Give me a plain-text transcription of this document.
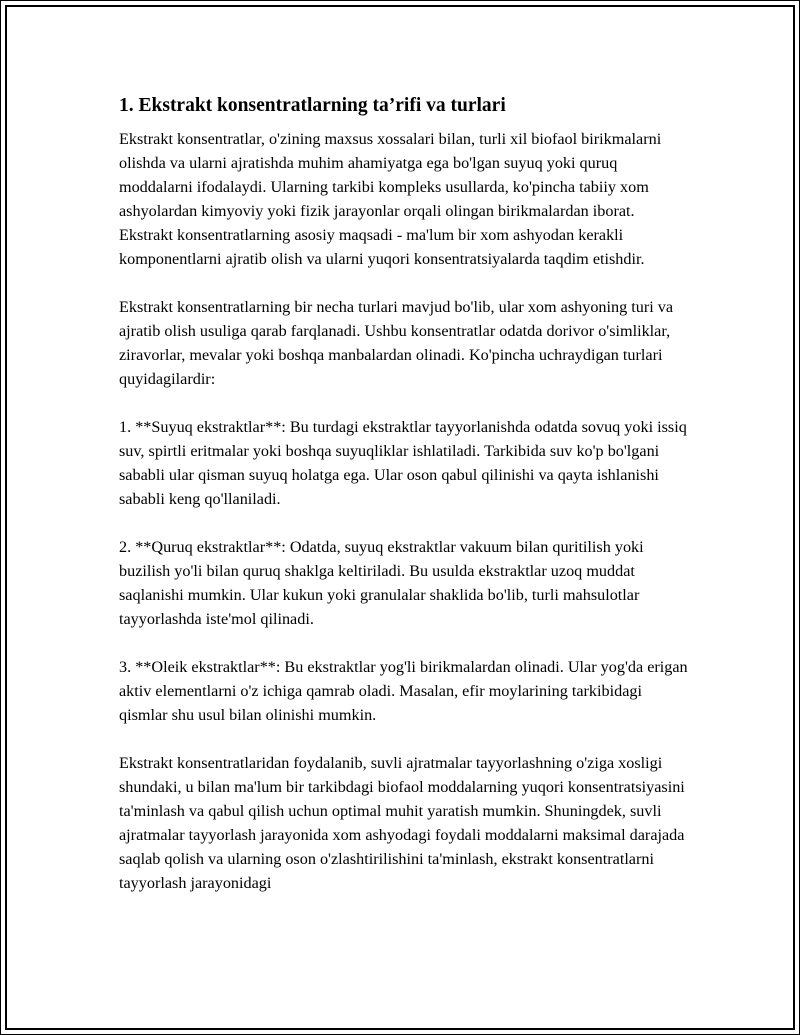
1. Ekstrakt konsentratlarning ta’rifi va turlari

Ekstrakt konsentratlar, o'zining maxsus xossalari bilan, turli xil biofaol birikmalarni olishda va ularni ajratishda muhim ahamiyatga ega bo'lgan suyuq yoki quruq moddalarni ifodalaydi. Ularning tarkibi kompleks usullarda, ko'pincha tabiiy xom ashyolardan kimyoviy yoki fizik jarayonlar orqali olingan birikmalardan iborat. Ekstrakt konsentratlarning asosiy maqsadi - ma'lum bir xom ashyodan kerakli komponentlarni ajratib olish va ularni yuqori konsentratsiyalarda taqdim etishdir.

Ekstrakt konsentratlarning bir necha turlari mavjud bo'lib, ular xom ashyoning turi va ajratib olish usuliga qarab farqlanadi. Ushbu konsentratlar odatda dorivor o'simliklar, ziravorlar, mevalar yoki boshqa manbalardan olinadi. Ko'pincha uchraydigan turlari quyidagilardir:

1. **Suyuq ekstraktlar**: Bu turdagi ekstraktlar tayyorlanishda odatda sovuq yoki issiq suv, spirtli eritmalar yoki boshqa suyuqliklar ishlatiladi. Tarkibida suv ko'p bo'lgani sababli ular qisman suyuq holatga ega. Ular oson qabul qilinishi va qayta ishlanishi sababli keng qo'llaniladi.

2. **Quruq ekstraktlar**: Odatda, suyuq ekstraktlar vakuum bilan quritilish yoki buzilish yo'li bilan quruq shaklga keltiriladi. Bu usulda ekstraktlar uzoq muddat saqlanishi mumkin. Ular kukun yoki granulalar shaklida bo'lib, turli mahsulotlar tayyorlashda iste'mol qilinadi.

3. **Oleik ekstraktlar**: Bu ekstraktlar yog'li birikmalardan olinadi. Ular yog'da erigan aktiv elementlarni o'z ichiga qamrab oladi. Masalan, efir moylarining tarkibidagi qismlar shu usul bilan olinishi mumkin.

Ekstrakt konsentratlaridan foydalanib, suvli ajratmalar tayyorlashning o'ziga xosligi shundaki, u bilan ma'lum bir tarkibdagi biofaol moddalarning yuqori konsentratsiyasini ta'minlash va qabul qilish uchun optimal muhit yaratish mumkin. Shuningdek, suvli ajratmalar tayyorlash jarayonida xom ashyodagi foydali moddalarni maksimal darajada saqlab qolish va ularning oson o'zlashtirilishini ta'minlash, ekstrakt konsentratlarni tayyorlash jarayonidagi
